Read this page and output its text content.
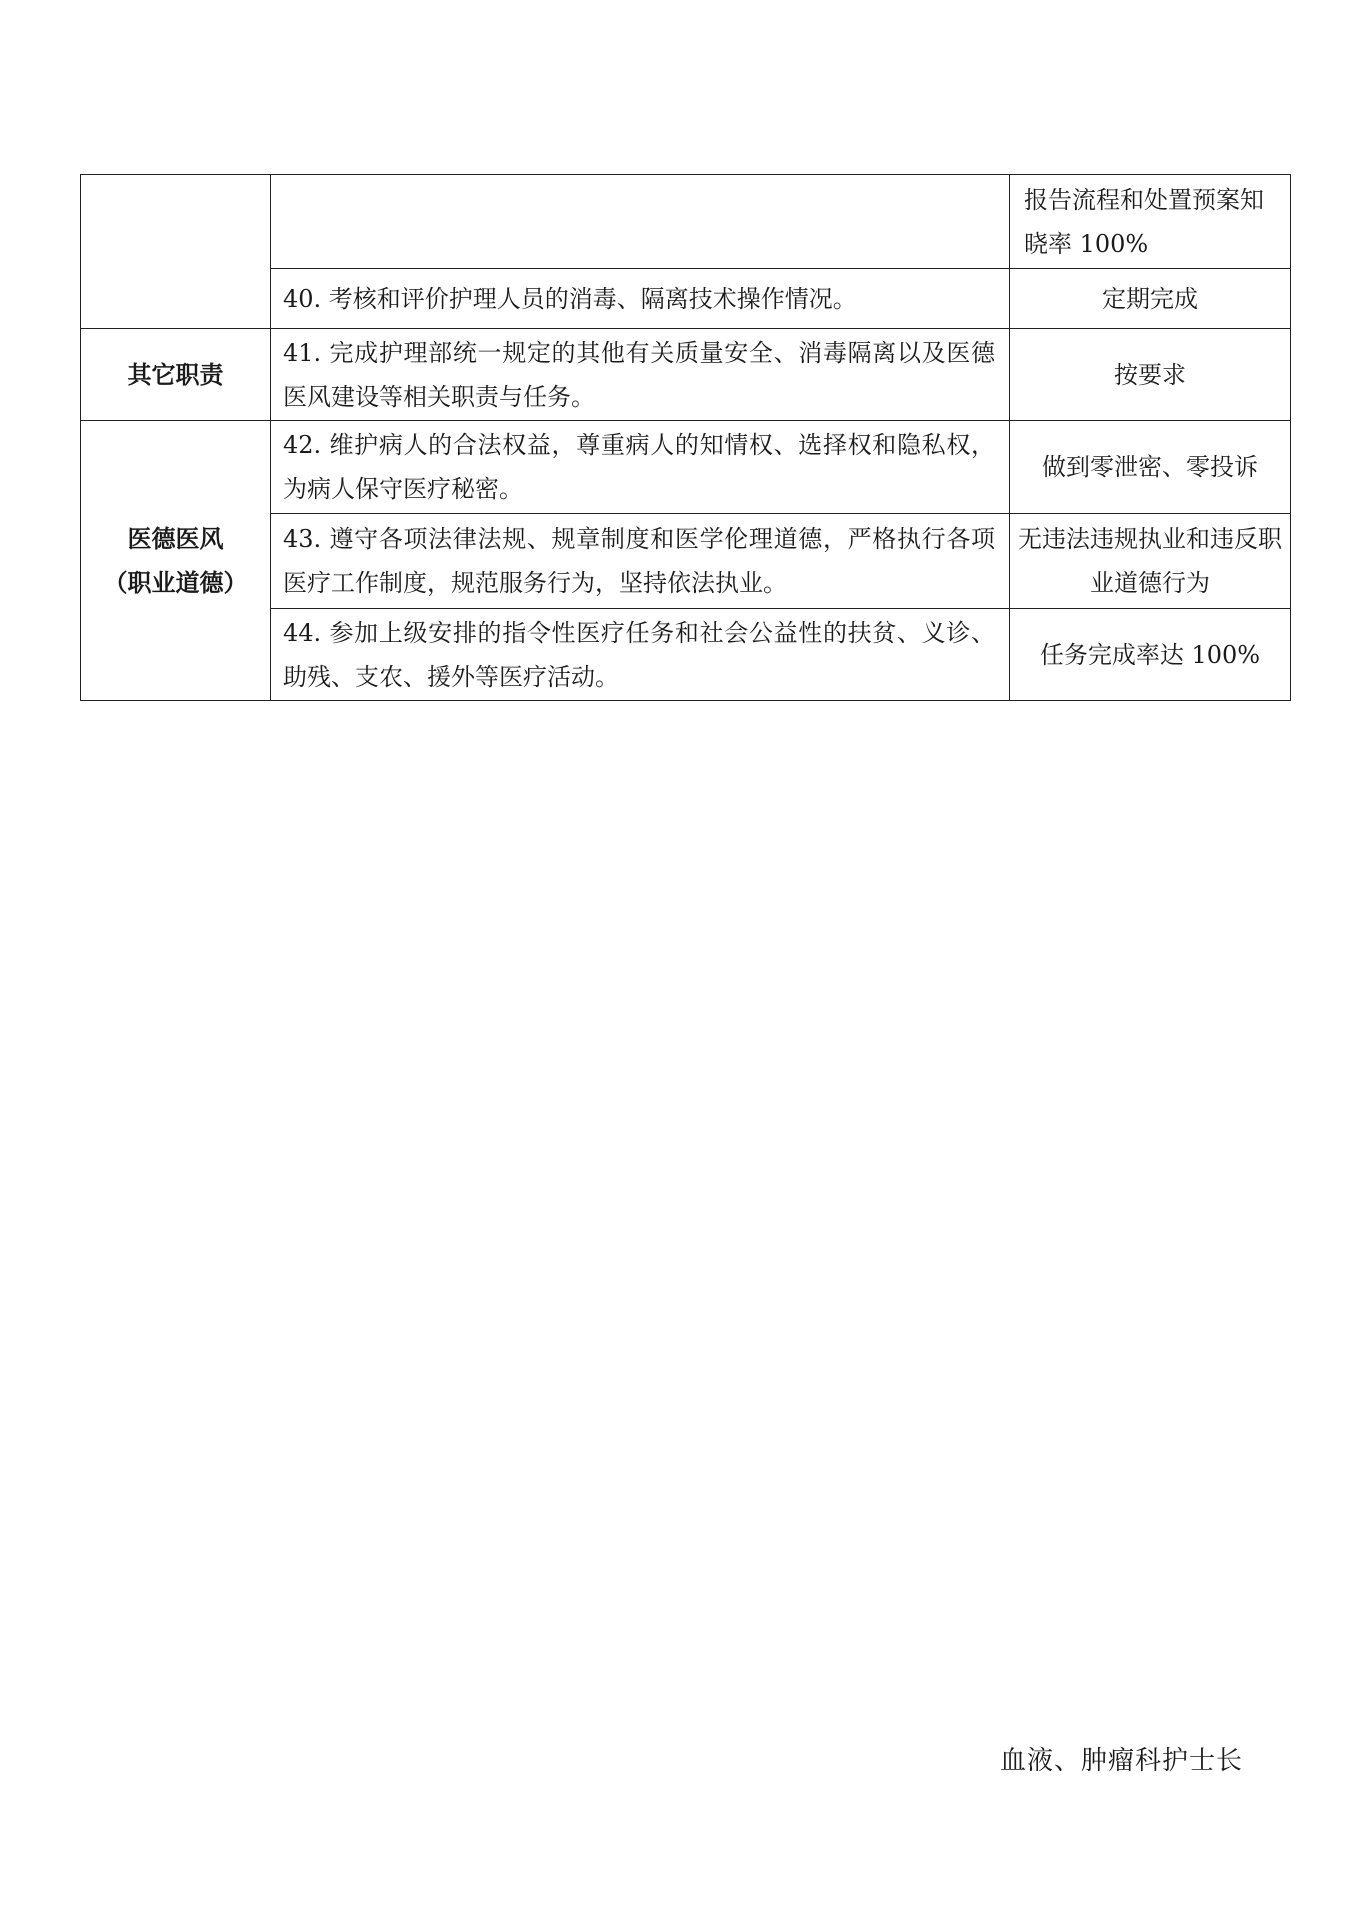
		报告流程和处置预案知晓率 100%
	40. 考核和评价护理人员的消毒、隔离技术操作情况。	定期完成
其它职责	41. 完成护理部统一规定的其他有关质量安全、消毒隔离以及医德医风建设等相关职责与任务。	按要求

医德医风
（职业道德）	42. 维护病人的合法权益，尊重病人的知情权、选择权和隐私权，为病人保守医疗秘密。	做到零泄密、零投诉
	43. 遵守各项法律法规、规章制度和医学伦理道德，严格执行各项医疗工作制度，规范服务行为，坚持依法执业。	无违法违规执业和违反职业道德行为
	44. 参加上级安排的指令性医疗任务和社会公益性的扶贫、义诊、助残、支农、援外等医疗活动。	任务完成率达 100%
血液、肿瘤科护士长
